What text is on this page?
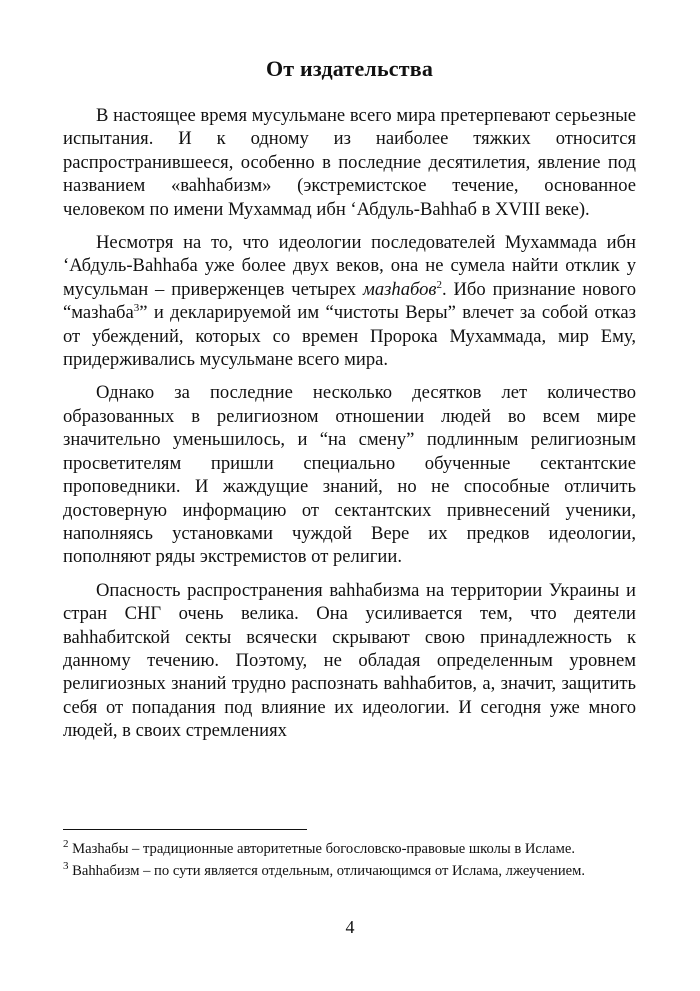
От издательства

В настоящее время мусульмане всего мира претерпевают серьезные испытания. И к одному из наиболее тяжких относится распространившееся, особенно в последние десятилетия, явление под названием «ваhhабизм» (экстремистское течение, основанное человеком по имени Мухаммад ибн ‘Абдуль-Ваhhаб в XVIII веке).

Несмотря на то, что идеологии последователей Мухаммада ибн ‘Абдуль-Ваhhаба уже более двух веков, она не сумела найти отклик у мусульман – приверженцев четырех мазhабов$^2$. Ибо признание нового “мазhаба$^3$” и декларируемой им “чистоты Веры” влечет за собой отказ от убеждений, которых со времен Пророка Мухаммада, мир Ему, придерживались мусульмане всего мира.

Однако за последние несколько десятков лет количество образованных в религиозном отношении людей во всем мире значительно уменьшилось, и “на смену” подлинным религиозным просветителям пришли специально обученные сектантские проповедники. И жаждущие знаний, но не способные отличить достоверную информацию от сектантских привнесений ученики, наполняясь установками чуждой Вере их предков идеологии, пополняют ряды экстремистов от религии.

Опасность распространения ваhhабизма на территории Украины и стран СНГ очень велика. Она усиливается тем, что деятели ваhhабитской секты всячески скрывают свою принадлежность к данному течению. Поэтому, не обладая определенным уровнем религиозных знаний трудно распознать ваhhабитов, а, значит, защитить себя от попадания под влияние их идеологии. И сегодня уже много людей, в своих стремлениях

$^2$ Мазhабы – традиционные авторитетные богословско-правовые школы в Исламе.

$^3$ Ваhhабизм – по сути является отдельным, отличающимся от Ислама, лжеучением.

4
